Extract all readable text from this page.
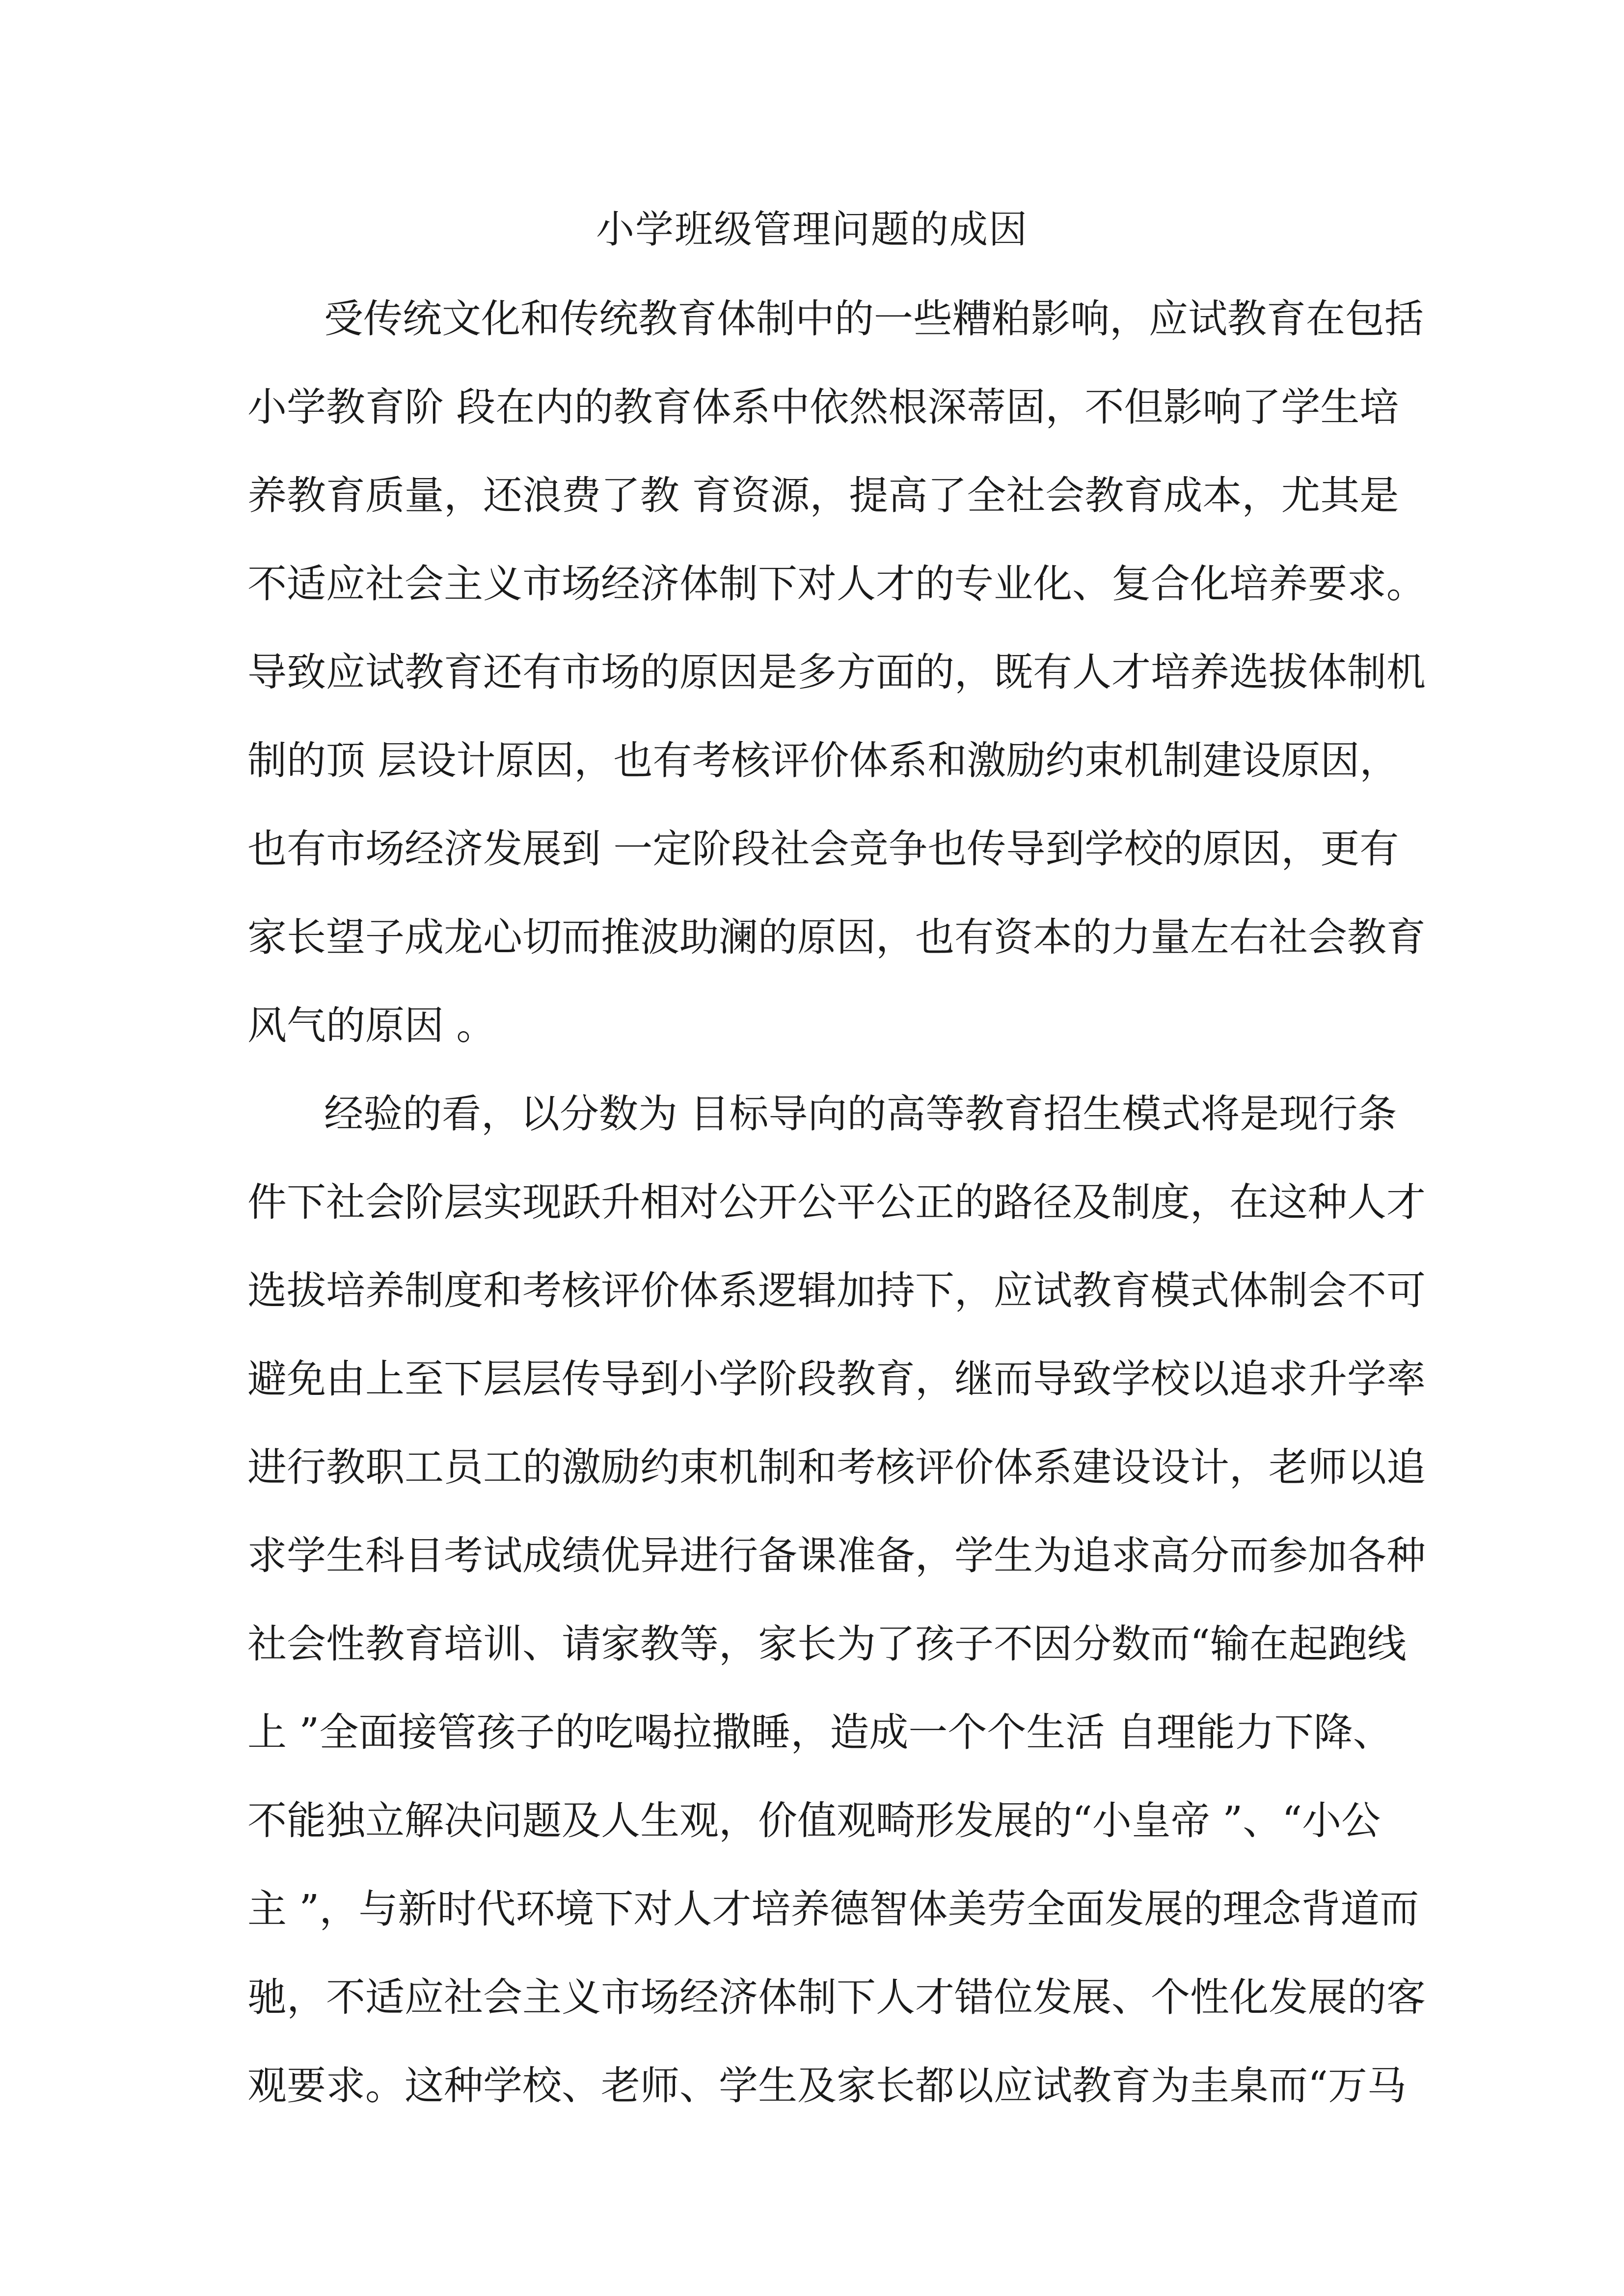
小学班级管理问题的成因

受传统文化和传统教育体制中的一些糟粕影响，应试教育在包括

小学教育阶 段在内的教育体系中依然根深蒂固，不但影响了学生培

养教育质量，还浪费了教 育资源，提高了全社会教育成本，尤其是

不适应社会主义市场经济体制下对人才的专业化、复合化培养要求。

导致应试教育还有市场的原因是多方面的，既有人才培养选拔体制机

制的顶 层设计原因，也有考核评价体系和激励约束机制建设原因，

也有市场经济发展到 一定阶段社会竞争也传导到学校的原因，更有

家长望子成龙心切而推波助澜的原因，也有资本的力量左右社会教育

风气的原因 。

经验的看，以分数为 目标导向的高等教育招生模式将是现行条

件下社会阶层实现跃升相对公开公平公正的路径及制度，在这种人才

选拔培养制度和考核评价体系逻辑加持下，应试教育模式体制会不可

避免由上至下层层传导到小学阶段教育，继而导致学校以追求升学率

进行教职工员工的激励约束机制和考核评价体系建设设计，老师以追

求学生科目考试成绩优异进行备课准备，学生为追求高分而参加各种

社会性教育培训、请家教等，家长为了孩子不因分数而“输在起跑线

上 ”全面接管孩子的吃喝拉撒睡，造成一个个生活 自理能力下降、

不能独立解决问题及人生观，价值观畸形发展的“小皇帝 ”、“小公

主 ”，与新时代环境下对人才培养德智体美劳全面发展的理念背道而

驰，不适应社会主义市场经济体制下人才错位发展、个性化发展的客

观要求。这种学校、老师、学生及家长都以应试教育为圭臬而“万马
